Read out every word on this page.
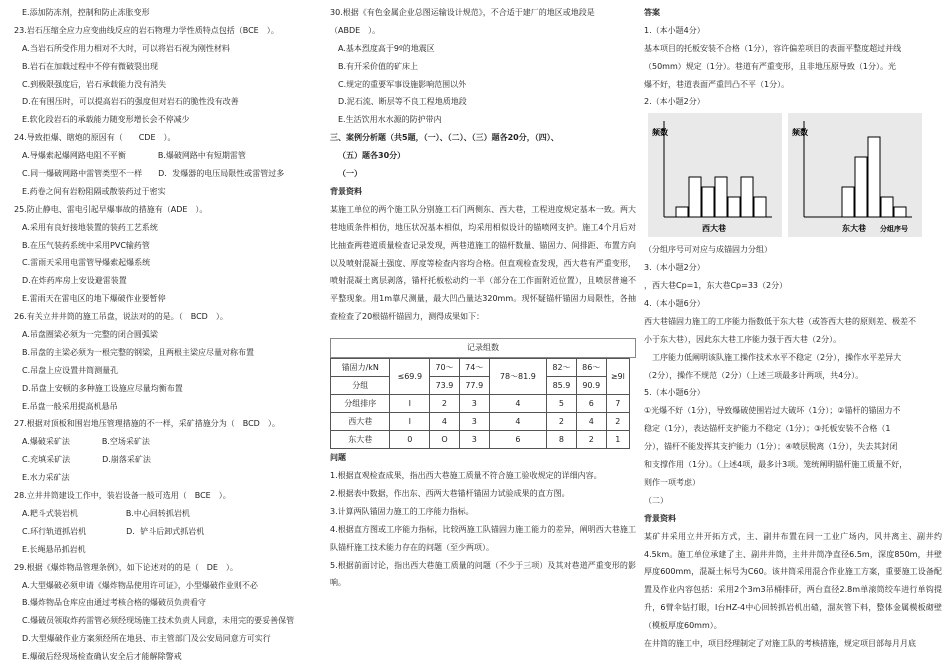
E.添加防冻剂，控制和防止冻胀变形
23.岩石压缩全应力应变曲线反应的岩石物理力学性质特点包括（BCE　）。
A.当岩石所受作用力相对不大时，可以将岩石视为刚性材料
B.岩石在加载过程中不停有微破裂出现
C.到极限强度后，岩石承载能力没有消失
D.在有围压时，可以提高岩石的强度但对岩石的脆性没有改善
E.软化段岩石的承载能力随变形增长会不停减少
24.导致拒爆、瞎炮的原因有（　　CDE　）。
A.导爆索起爆网路电阻不平衡　　　　B.爆破网路中有短期雷管
C.同一爆破网路中雷管类型不一样　　D．发爆器的电压局限性或雷管过多
E.药卷之间有岩粉阻隔或散装药过于密实
25.防止静电、雷电引起早爆事故的措施有（ADE　）。
A.采用有良好接地装置的装药工艺系统
B.在压气装药系统中采用PVC输药管
C.雷雨天采用电雷管导爆索起爆系统
D.在炸药库房上安设避雷装置
E.雷雨天在雷电区的地下爆破作业要暂停
26.有关立井井筒的施工吊盘，说法对的的是。（　BCD　）。
A.吊盘圈梁必须为一完整的闭合圆弧梁
B.吊盘的主梁必须为一根完整的钢梁，且两根主梁应尽量对称布置
C.吊盘上应设置井筒测量孔
D.吊盘上安顿的多种施工设施应尽量均衡布置
E.吊盘一般采用提高机悬吊
27.根据对顶板和围岩地压管理措施的不一样，采矿措施分为（　BCD　）。
A.爆破采矿法　　　　B.空场采矿法
C.充填采矿法　　　　D.崩落采矿法
E.水力采矿法
28.立井井筒建设工作中，装岩设备一般可选用（　BCE　）。
A.耙斗式装岩机　　　　　　B.中心回转抓岩机
C.环行轨道抓岩机　　　　　D．铲斗后卸式抓岩机
E.长绳悬吊抓岩机
29.根据《爆炸物品管理条例》，如下论述对的的是（　DE　）。
A.大型爆破必须申请《爆炸物品使用许可证》，小型爆破作业则不必
B.爆炸物品仓库应由通过考核合格的爆破员负责看守
C.爆破员领取炸药雷管必须经现场施工技术负责人同意，未用完的要妥善保管
D.大型爆破作业方案须经所在地县、市主管部门及公安局同意方可实行
E.爆破后经现场检查确认安全后才能解除警戒
30.根据《有色金属企业总图运输设计规范》，不合适于建厂的地区或地段是
（ABDE　）。
A.基本烈度高于9º的地震区
B.有开采价值的矿床上
C.规定的重要军事设施影响范围以外
D.泥石流、断层等不良工程地质地段
E.生活饮用水水源的防护带内
三、案例分析题（共5题，（一）、（二）、（三）题各20分，（四）、
（五）题各30分）
（一）
背景资料

某施工单位的两个施工队分别施工石门两侧东、西大巷，工程进度规定基本一致。两大巷地质条件相仿，地压状况基本相似，均采用相似设计的锚喷网支护。施工4个月后对比抽查两巷道质量检查记录发现，两巷道施工的锚杆数量、锚固力、间排距、布置方向以及喷射混凝土强度、厚度等检查内容均合格。但直观检查发现，西大巷有严重变形，喷射混凝土离层剥落，锚杆托板松动约一半（部分在工作面附近位置），且喷层普遍不平整现象。用1m靠尺测量，最大凹凸量达320mm。现怀疑锚杆锚固力局限性，各抽查检查了20根锚杆锚固力，测得成果如下：

记录组数
锚固力/kN	≤69.9	70～	74～	78～81.9	82～	86～	≥9l
分组		73.9	77.9		85.9	90.9	
分组排序	I	2	3	4	5	6	7
西大巷	I	4	3	4	2	4	2
东大巷	0	O	3	6	8	2	1
问题

1.根据直观检查成果，指出西大巷施工质量不符合施工验收规定的详细内容。

2.根据表中数据，作出东、西两大巷锚杆锚固力试验成果的直方图。

3.计算两队锚固力施工的工序能力指标。

4.根据直方图或工序能力指标，比较两施工队锚固力施工能力的差异，阐明西大巷施工队锚杆施工技术能力存在的问题（至少两项）。

5.根据前面讨论，指出西大巷施工质量的问题（不少于三项）及其对巷道严重变形的影响。

答案
1.（本小题4分）
基本项目的托板安装不合格（1分），容许偏差项目的表面平整度超过并线
（50mm）规定（1分）。巷道有严重变形，且非地压原导致（1分）。光
爆不好，巷道表面严重凹凸不平（1分）。
2.（本小题2分）
频数
西大巷
频数
东大巷 分组序号
（分组序号可对应与成锚固力分组）
3.（本小题2分）
，西大巷Cp=1，东大巷Cp=33（2分）
4.（本小题6分）
西大巷锚固力施工的工序能力指数低于东大巷（或答西大巷的原则差、极差不
小于东大巷），因此东大巷工序能力强于西大巷（2分）。
　工序能力低阐明该队施工操作技术水平不稳定（2分），操作水平差异大
（2分），操作不规范（2分）（上述三项最多计两项，共4分）。
5.（本小题6分）
①光爆不好（1分），导致爆破使围岩过大破坏（1分）；②锚杆的锚固力不
稳定（1分），表达锚杆支护能力不稳定（1分）；③托板安装不合格（1
分），锚杆不能发挥其支护能力（1分）；④喷层脱离（1分），失去其封闭
和支撑作用（1分）。（上述4项，最多计3项。笼统阐明锚杆施工质量不好，
则作一项考虑）
（二）
背景资料

某矿井采用立井开拓方式，主、副井布置在同一工业广场内，风井离主、副井约4.5km。施工单位承建了主、副井井筒，主井井筒净直径6.5m，深度850m，井壁厚度600mm，混凝土标号为C60。该井筒采用混合作业施工方案，重要施工设备配置及作业内容包括：采用2个3m3吊桶排矸，两台直径2.8m单滚筒绞车进行单钩提升，6臂伞钻打眼，Ⅰ台HZ-4中心回转抓岩机出碴，溜灰管下料，整体金属模板砌壁（模板厚度60mm）。

在井筒的施工中，项目经理制定了对施工队的考核措施，规定项目部每月月底
